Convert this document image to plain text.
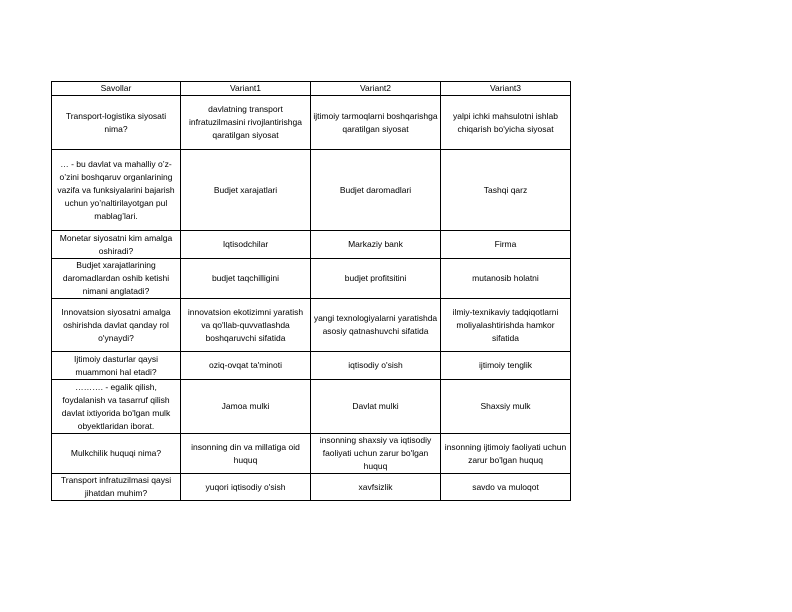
Savollar	Variant1	Variant2	Variant3
Transport-logistika siyosati nima?	davlatning transport infratuzilmasini rivojlantirishga qaratilgan siyosat	ijtimoiy tarmoqlarni boshqarishga qaratilgan siyosat	yalpi ichki mahsulotni ishlab chiqarish bo'yicha siyosat
… - bu davlat va mahalliy o’z-o’zini boshqaruv organlarining vazifa va funksiyalarini bajarish uchun yo’naltirilayotgan pul mablag’lari.	Budjet xarajatlari	Budjet daromadlari	Tashqi qarz
Monetar siyosatni kim amalga oshiradi?	Iqtisodchilar	Markaziy bank	Firma
Budjet xarajatlarining daromadlardan oshib ketishi nimani anglatadi?	budjet taqchilligini	budjet profitsitini	mutanosib holatni
Innovatsion siyosatni amalga oshirishda davlat qanday rol o'ynaydi?	innovatsion ekotizimni yaratish va qo'llab-quvvatlashda boshqaruvchi sifatida	yangi texnologiyalarni yaratishda asosiy qatnashuvchi sifatida	ilmiy-texnikaviy tadqiqotlarni moliyalashtirishda hamkor sifatida
Ijtimoiy dasturlar qaysi muammoni hal etadi?	oziq-ovqat ta'minoti	iqtisodiy o'sish	ijtimoiy tenglik
………. - egalik qilish, foydalanish va tasarruf qilish davlat ixtiyorida bo'lgan mulk obyektlaridan iborat.	Jamoa mulki	Davlat mulki	Shaxsiy mulk
Mulkchilik huquqi nima?	insonning din va millatiga oid huquq	insonning shaxsiy va iqtisodiy faoliyati uchun zarur bo'lgan huquq	insonning ijtimoiy faoliyati uchun zarur bo'lgan huquq
Transport infratuzilmasi qaysi jihatdan muhim?	yuqori iqtisodiy o'sish	xavfsizlik	savdo va muloqot
